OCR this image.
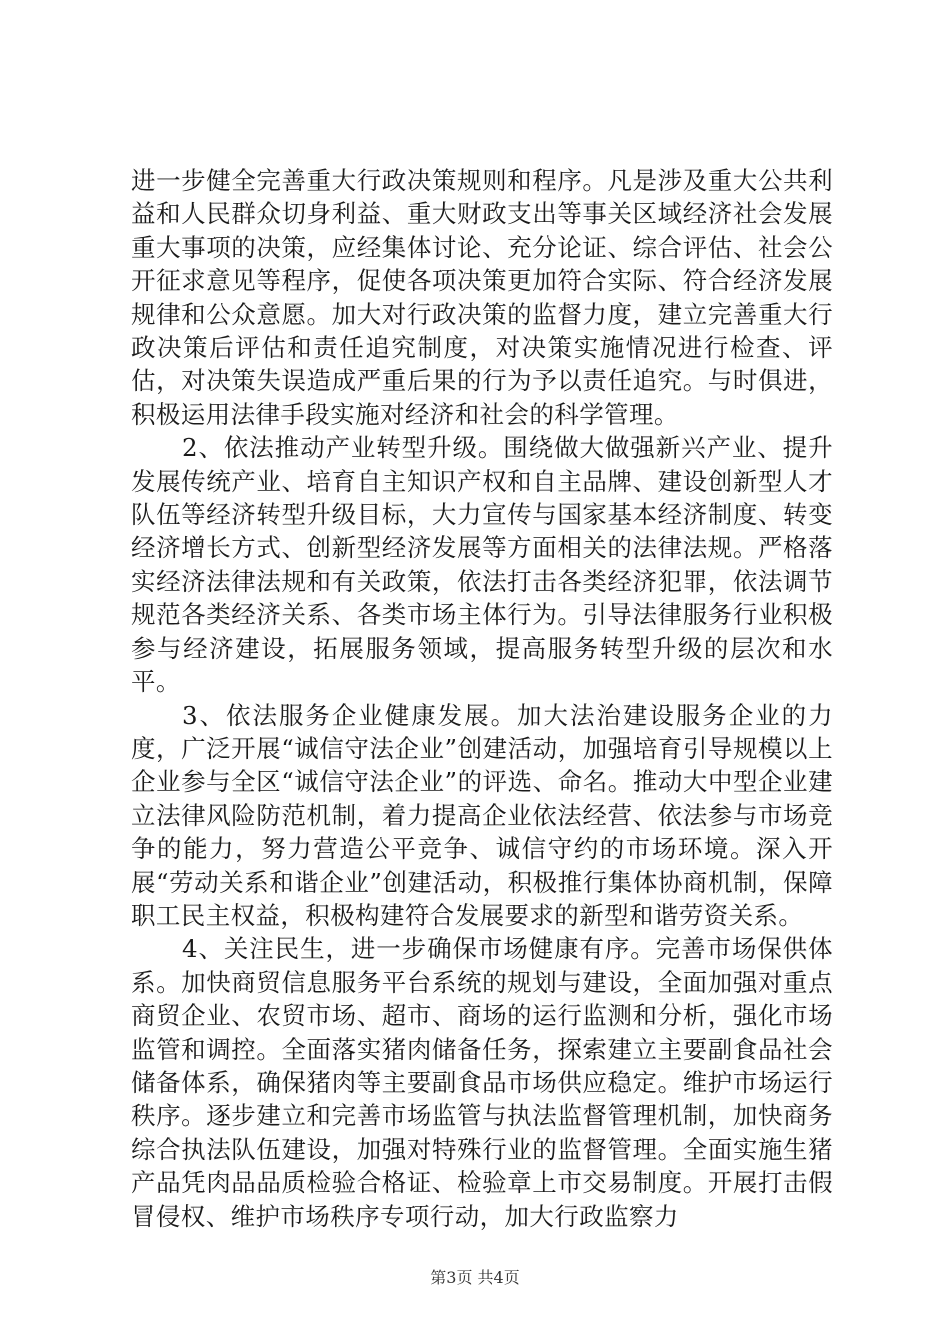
进一步健全完善重大行政决策规则和程序。凡是涉及重大公共利益和人民群众切身利益、重大财政支出等事关区域经济社会发展重大事项的决策，应经集体讨论、充分论证、综合评估、社会公开征求意见等程序，促使各项决策更加符合实际、符合经济发展规律和公众意愿。加大对行政决策的监督力度，建立完善重大行政决策后评估和责任追究制度，对决策实施情况进行检查、评估，对决策失误造成严重后果的行为予以责任追究。与时俱进，积极运用法律手段实施对经济和社会的科学管理。

2、依法推动产业转型升级。围绕做大做强新兴产业、提升发展传统产业、培育自主知识产权和自主品牌、建设创新型人才队伍等经济转型升级目标，大力宣传与国家基本经济制度、转变经济增长方式、创新型经济发展等方面相关的法律法规。严格落实经济法律法规和有关政策，依法打击各类经济犯罪，依法调节规范各类经济关系、各类市场主体行为。引导法律服务行业积极参与经济建设，拓展服务领域，提高服务转型升级的层次和水平。

3、依法服务企业健康发展。加大法治建设服务企业的力度，广泛开展“诚信守法企业”创建活动，加强培育引导规模以上企业参与全区“诚信守法企业”的评选、命名。推动大中型企业建立法律风险防范机制，着力提高企业依法经营、依法参与市场竞争的能力，努力营造公平竞争、诚信守约的市场环境。深入开展“劳动关系和谐企业”创建活动，积极推行集体协商机制，保障职工民主权益，积极构建符合发展要求的新型和谐劳资关系。

4、关注民生，进一步确保市场健康有序。完善市场保供体系。加快商贸信息服务平台系统的规划与建设，全面加强对重点商贸企业、农贸市场、超市、商场的运行监测和分析，强化市场监管和调控。全面落实猪肉储备任务，探索建立主要副食品社会储备体系，确保猪肉等主要副食品市场供应稳定。维护市场运行秩序。逐步建立和完善市场监管与执法监督管理机制，加快商务综合执法队伍建设，加强对特殊行业的监督管理。全面实施生猪产品凭肉品品质检验合格证、检验章上市交易制度。开展打击假冒侵权、维护市场秩序专项行动，加大行政监察力

第3页 共4页
